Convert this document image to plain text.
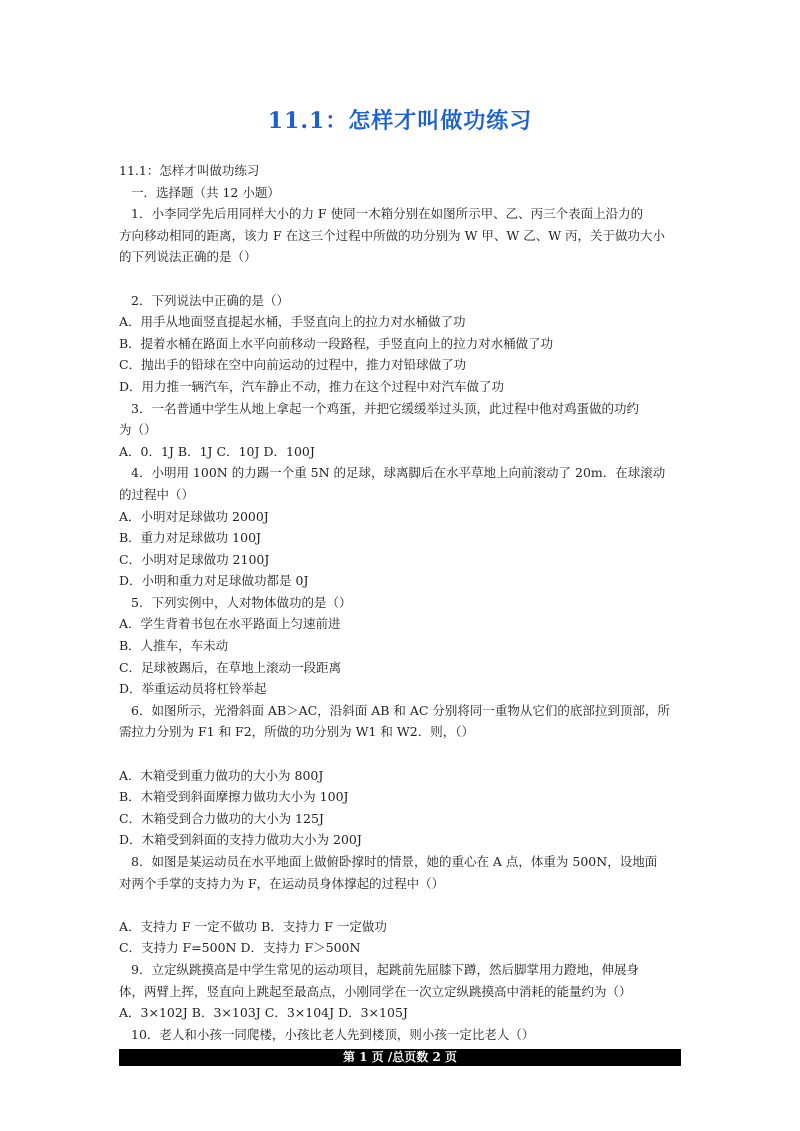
11.1：怎样才叫做功练习
11.1：怎样才叫做功练习
一．选择题（共 12 小题）
1．小李同学先后用同样大小的力 F 使同一木箱分别在如图所示甲、乙、丙三个表面上沿力的
方向移动相同的距离，该力 F 在这三个过程中所做的功分别为 W 甲、W 乙、W 丙，关于做功大小
的下列说法正确的是（）
2．下列说法中正确的是（）
A．用手从地面竖直提起水桶，手竖直向上的拉力对水桶做了功
B．提着水桶在路面上水平向前移动一段路程，手竖直向上的拉力对水桶做了功
C．抛出手的铅球在空中向前运动的过程中，推力对铅球做了功
D．用力推一辆汽车，汽车静止不动，推力在这个过程中对汽车做了功
3．一名普通中学生从地上拿起一个鸡蛋，并把它缓缓举过头顶，此过程中他对鸡蛋做的功约
为（）
A．0．1J B．1J C．10J D．100J
4．小明用 100N 的力踢一个重 5N 的足球，球离脚后在水平草地上向前滚动了 20m．在球滚动
的过程中（）
A．小明对足球做功 2000J
B．重力对足球做功 100J
C．小明对足球做功 2100J
D．小明和重力对足球做功都是 0J
5．下列实例中，人对物体做功的是（）
A．学生背着书包在水平路面上匀速前进
B．人推车，车未动
C．足球被踢后，在草地上滚动一段距离
D．举重运动员将杠铃举起
6．如图所示，光滑斜面 AB＞AC，沿斜面 AB 和 AC 分别将同一重物从它们的底部拉到顶部，所
需拉力分别为 F1 和 F2，所做的功分别为 W1 和 W2．则，（）
A．木箱受到重力做功的大小为 800J
B．木箱受到斜面摩擦力做功大小为 100J
C．木箱受到合力做功的大小为 125J
D．木箱受到斜面的支持力做功大小为 200J
8．如图是某运动员在水平地面上做俯卧撑时的情景，她的重心在 A 点，体重为 500N，设地面
对两个手掌的支持力为 F，在运动员身体撑起的过程中（）
A．支持力 F 一定不做功 B．支持力 F 一定做功
C．支持力 F=500N D．支持力 F＞500N
9．立定纵跳摸高是中学生常见的运动项目，起跳前先屈膝下蹲，然后脚掌用力蹬地，伸展身
体，两臂上挥，竖直向上跳起至最高点，小刚同学在一次立定纵跳摸高中消耗的能量约为（）
A．3×102J B．3×103J C．3×104J D．3×105J
10．老人和小孩一同爬楼，小孩比老人先到楼顶，则小孩一定比老人（）
第 1 页 /总页数 2 页
